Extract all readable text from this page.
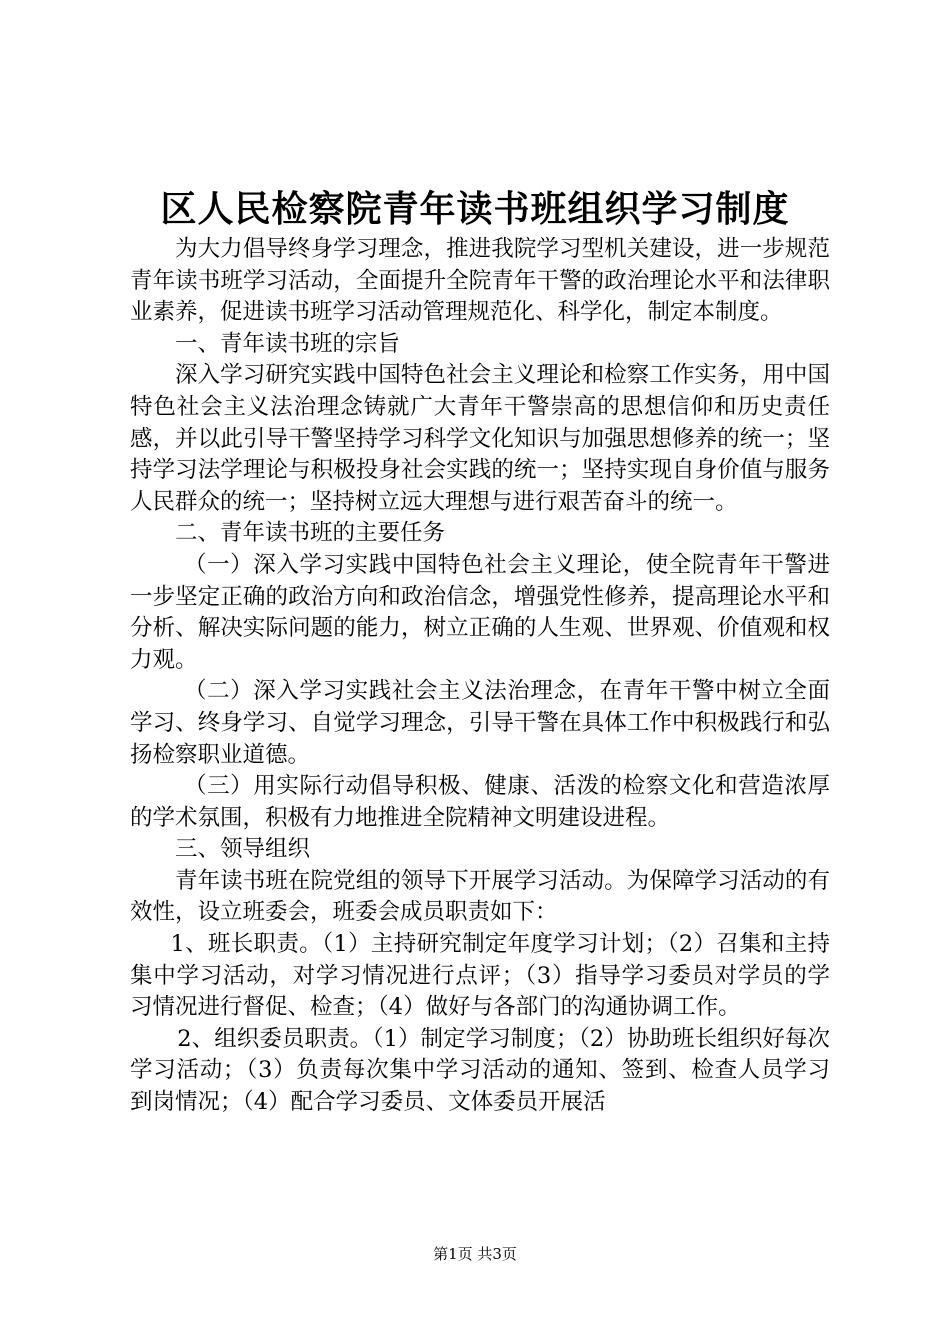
区人民检察院青年读书班组织学习制度

为大力倡导终身学习理念，推进我院学习型机关建设，进一步规范青年读书班学习活动，全面提升全院青年干警的政治理论水平和法律职业素养，促进读书班学习活动管理规范化、科学化，制定本制度。

一、青年读书班的宗旨

深入学习研究实践中国特色社会主义理论和检察工作实务，用中国特色社会主义法治理念铸就广大青年干警崇高的思想信仰和历史责任感，并以此引导干警坚持学习科学文化知识与加强思想修养的统一；坚持学习法学理论与积极投身社会实践的统一；坚持实现自身价值与服务人民群众的统一；坚持树立远大理想与进行艰苦奋斗的统一。

二、青年读书班的主要任务

（一）深入学习实践中国特色社会主义理论，使全院青年干警进一步坚定正确的政治方向和政治信念，增强党性修养，提高理论水平和分析、解决实际问题的能力，树立正确的人生观、世界观、价值观和权力观。

（二）深入学习实践社会主义法治理念，在青年干警中树立全面学习、终身学习、自觉学习理念，引导干警在具体工作中积极践行和弘扬检察职业道德。

（三）用实际行动倡导积极、健康、活泼的检察文化和营造浓厚的学术氛围，积极有力地推进全院精神文明建设进程。

三、领导组织

青年读书班在院党组的领导下开展学习活动。为保障学习活动的有效性，设立班委会，班委会成员职责如下：

1、班长职责。（1）主持研究制定年度学习计划；（2）召集和主持集中学习活动，对学习情况进行点评；（3）指导学习委员对学员的学习情况进行督促、检查；（4）做好与各部门的沟通协调工作。

2、组织委员职责。（1）制定学习制度；（2）协助班长组织好每次学习活动；（3）负责每次集中学习活动的通知、签到、检查人员学习到岗情况；（4）配合学习委员、文体委员开展活

第1页 共3页
